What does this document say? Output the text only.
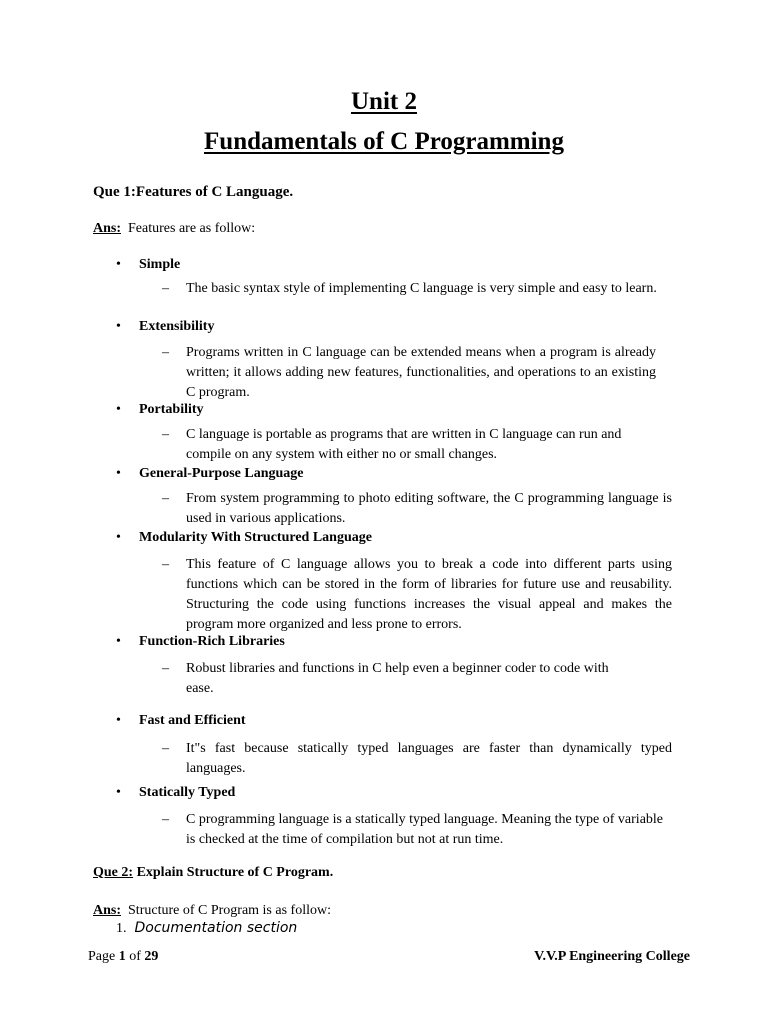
Unit 2
Fundamentals of C Programming
Que 1:Features of C Language.
Ans: Features are as follow:
• Simple
– The basic syntax style of implementing C language is very simple and easy to learn.
• Extensibility
– Programs written in C language can be extended means when a program is already written; it allows adding new features, functionalities, and operations to an existing C program.
• Portability
– C language is portable as programs that are written in C language can run and compile on any system with either no or small changes.
• General-Purpose Language
– From system programming to photo editing software, the C programming language is used in various applications.
• Modularity With Structured Language
– This feature of C language allows you to break a code into different parts using functions which can be stored in the form of libraries for future use and reusability. Structuring the code using functions increases the visual appeal and makes the program more organized and less prone to errors.
• Function-Rich Libraries
– Robust libraries and functions in C help even a beginner coder to code with ease.
• Fast and Efficient
– It"s fast because statically typed languages are faster than dynamically typed languages.
• Statically Typed
– C programming language is a statically typed language. Meaning the type of variable is checked at the time of compilation but not at run time.
Que 2: Explain Structure of C Program.
Ans: Structure of C Program is as follow:
1. Documentation section
Page 1 of 29	V.V.P Engineering College
